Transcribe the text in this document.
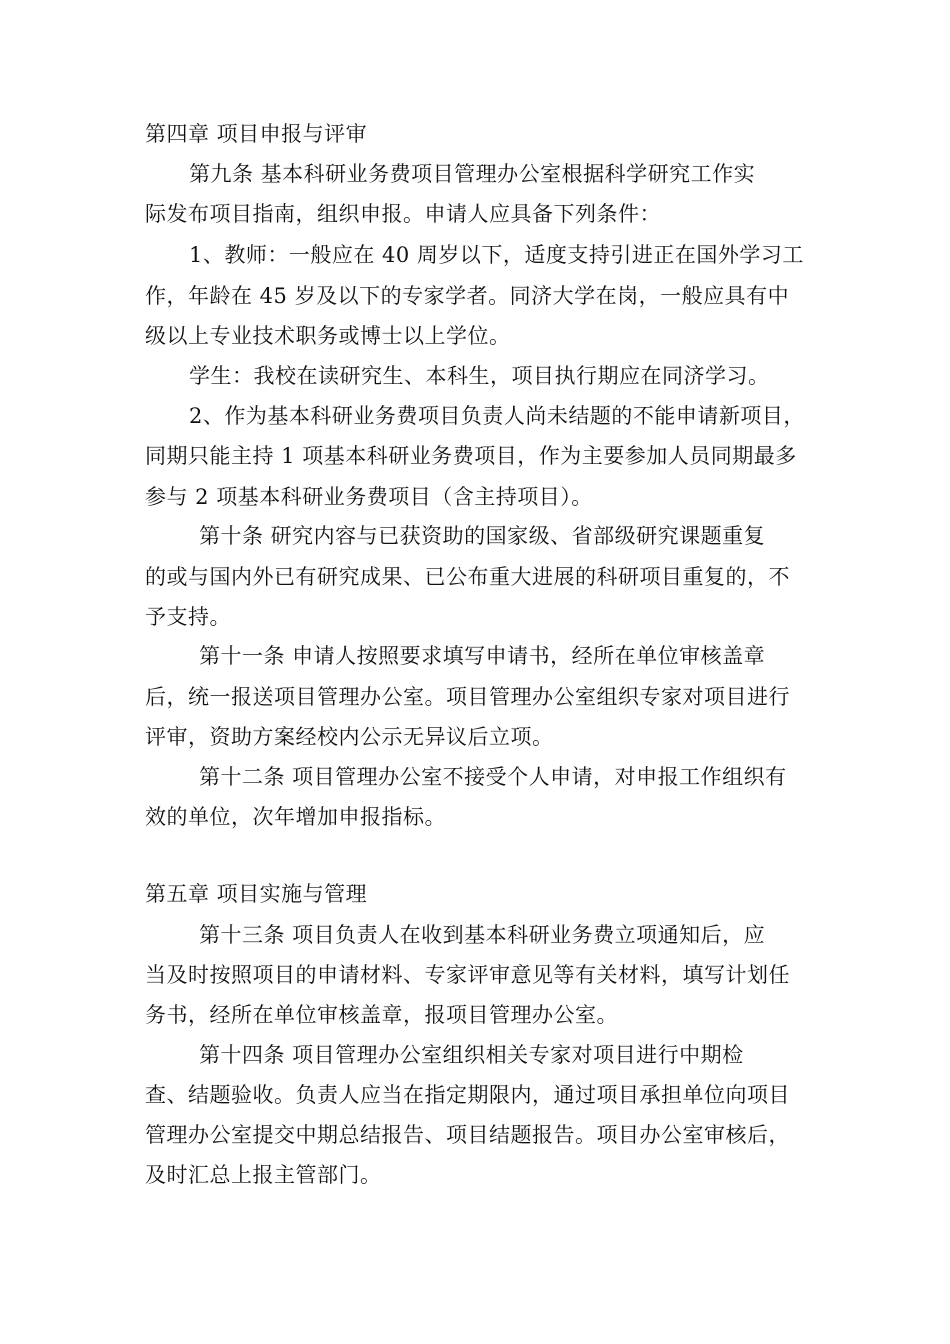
第四章 项目申报与评审
第九条 基本科研业务费项目管理办公室根据科学研究工作实
际发布项目指南，组织申报。申请人应具备下列条件：
1、教师：一般应在 40 周岁以下，适度支持引进正在国外学习工
作，年龄在 45 岁及以下的专家学者。同济大学在岗，一般应具有中
级以上专业技术职务或博士以上学位。
学生：我校在读研究生、本科生，项目执行期应在同济学习。
2、作为基本科研业务费项目负责人尚未结题的不能申请新项目，
同期只能主持 1 项基本科研业务费项目，作为主要参加人员同期最多
参与 2 项基本科研业务费项目（含主持项目）。
第十条 研究内容与已获资助的国家级、省部级研究课题重复
的或与国内外已有研究成果、已公布重大进展的科研项目重复的，不
予支持。
第十一条 申请人按照要求填写申请书，经所在单位审核盖章
后，统一报送项目管理办公室。项目管理办公室组织专家对项目进行
评审，资助方案经校内公示无异议后立项。
第十二条 项目管理办公室不接受个人申请，对申报工作组织有
效的单位，次年增加申报指标。
第五章 项目实施与管理
第十三条 项目负责人在收到基本科研业务费立项通知后，应
当及时按照项目的申请材料、专家评审意见等有关材料，填写计划任
务书，经所在单位审核盖章，报项目管理办公室。
第十四条 项目管理办公室组织相关专家对项目进行中期检
查、结题验收。负责人应当在指定期限内，通过项目承担单位向项目
管理办公室提交中期总结报告、项目结题报告。项目办公室审核后，
及时汇总上报主管部门。
